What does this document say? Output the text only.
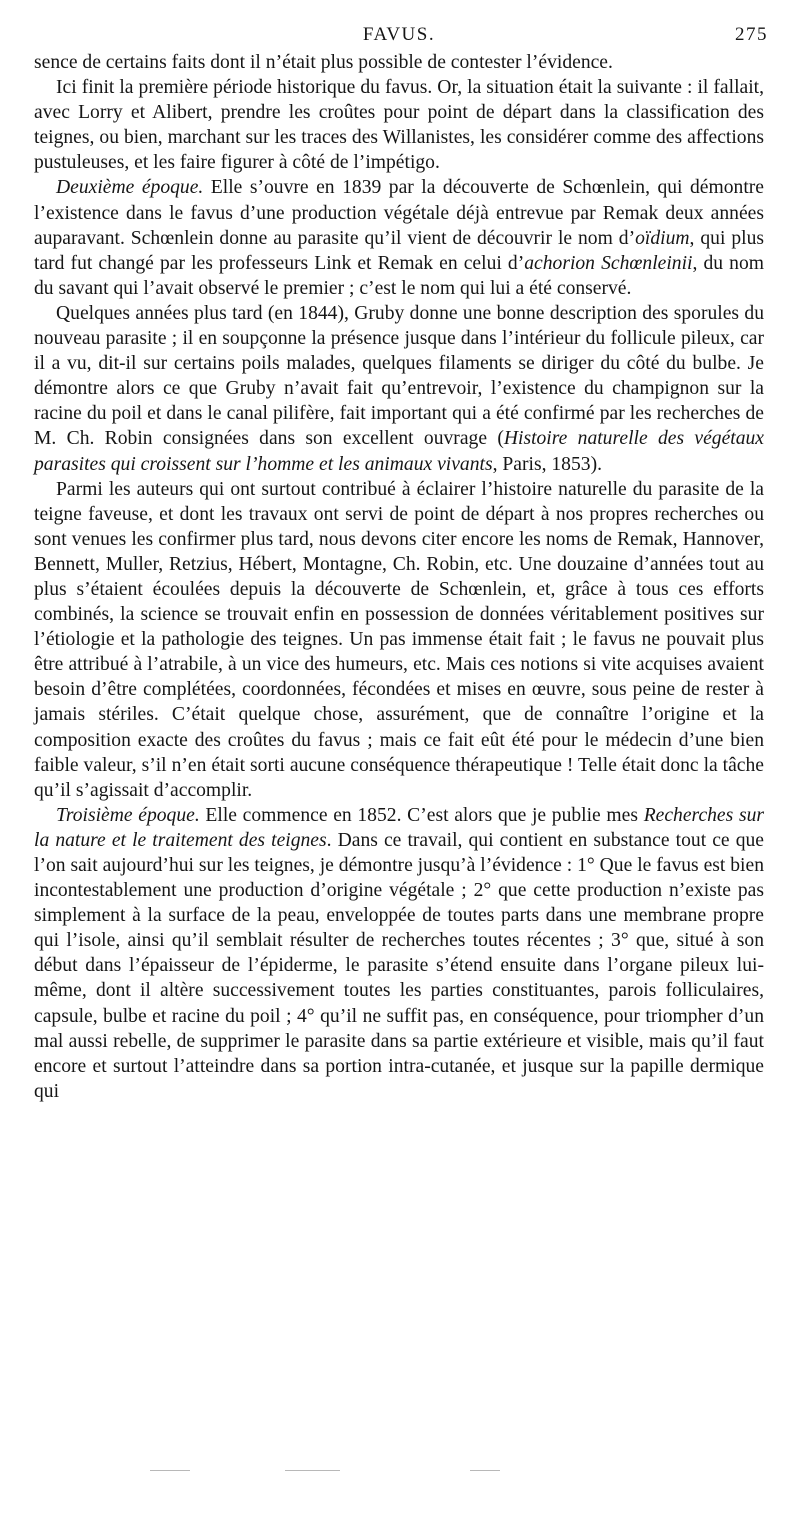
FAVUS.	275

sence de certains faits dont il n’était plus possible de contester l’évidence.

Ici finit la première période historique du favus. Or, la situation était la suivante : il fallait, avec Lorry et Alibert, prendre les croûtes pour point de départ dans la classification des teignes, ou bien, marchant sur les traces des Willanistes, les considérer comme des affections pustuleuses, et les faire figurer à côté de l’impétigo.

Deuxième époque. Elle s’ouvre en 1839 par la découverte de Schœnlein, qui démontre l’existence dans le favus d’une production végétale déjà entrevue par Remak deux années auparavant. Schœnlein donne au parasite qu’il vient de découvrir le nom d’oïdium, qui plus tard fut changé par les professeurs Link et Remak en celui d’achorion Schœnleinii, du nom du savant qui l’avait observé le premier ; c’est le nom qui lui a été conservé.

Quelques années plus tard (en 1844), Gruby donne une bonne description des sporules du nouveau parasite ; il en soupçonne la présence jusque dans l’intérieur du follicule pileux, car il a vu, dit-il sur certains poils malades, quelques filaments se diriger du côté du bulbe. Je démontre alors ce que Gruby n’avait fait qu’entrevoir, l’existence du champignon sur la racine du poil et dans le canal pilifère, fait important qui a été confirmé par les recherches de M. Ch. Robin consignées dans son excellent ouvrage (Histoire naturelle des végétaux parasites qui croissent sur l’homme et les animaux vivants, Paris, 1853).

Parmi les auteurs qui ont surtout contribué à éclairer l’histoire naturelle du parasite de la teigne faveuse, et dont les travaux ont servi de point de départ à nos propres recherches ou sont venues les confirmer plus tard, nous devons citer encore les noms de Remak, Hannover, Bennett, Muller, Retzius, Hébert, Montagne, Ch. Robin, etc. Une douzaine d’années tout au plus s’étaient écoulées depuis la découverte de Schœnlein, et, grâce à tous ces efforts combinés, la science se trouvait enfin en possession de données véritablement positives sur l’étiologie et la pathologie des teignes. Un pas immense était fait ; le favus ne pouvait plus être attribué à l’atrabile, à un vice des humeurs, etc. Mais ces notions si vite acquises avaient besoin d’être complétées, coordonnées, fécondées et mises en œuvre, sous peine de rester à jamais stériles. C’était quelque chose, assurément, que de connaître l’origine et la composition exacte des croûtes du favus ; mais ce fait eût été pour le médecin d’une bien faible valeur, s’il n’en était sorti aucune conséquence thérapeutique ! Telle était donc la tâche qu’il s’agissait d’accomplir.

Troisième époque. Elle commence en 1852. C’est alors que je publie mes Recherches sur la nature et le traitement des teignes. Dans ce travail, qui contient en substance tout ce que l’on sait aujourd’hui sur les teignes, je démontre jusqu’à l’évidence : 1° Que le favus est bien incontestablement une production d’origine végétale ; 2° que cette production n’existe pas simplement à la surface de la peau, enveloppée de toutes parts dans une membrane propre qui l’isole, ainsi qu’il semblait résulter de recherches toutes récentes ; 3° que, situé à son début dans l’épaisseur de l’épiderme, le parasite s’étend ensuite dans l’organe pileux lui-même, dont il altère successivement toutes les parties constituantes, parois folliculaires, capsule, bulbe et racine du poil ; 4° qu’il ne suffit pas, en conséquence, pour triompher d’un mal aussi rebelle, de supprimer le parasite dans sa partie extérieure et visible, mais qu’il faut encore et surtout l’atteindre dans sa portion intra-cutanée, et jusque sur la papille dermique qui
